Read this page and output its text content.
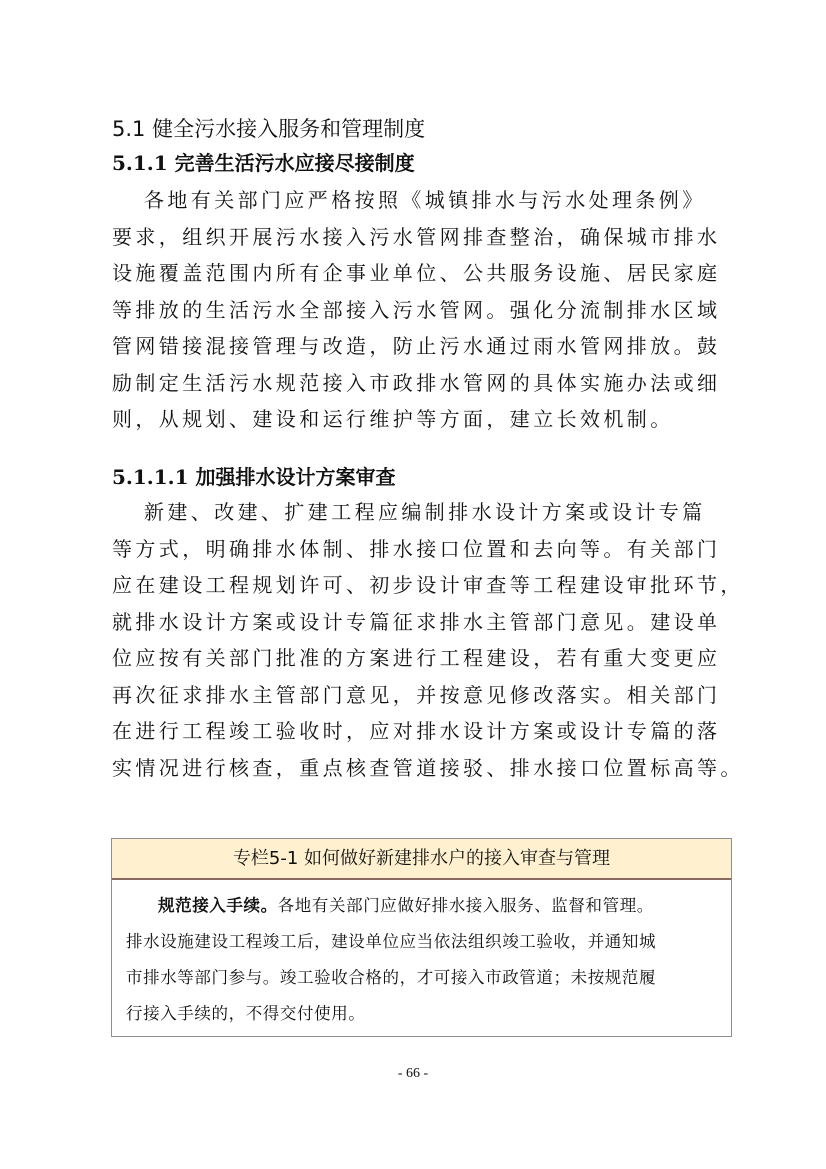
5.1 健全污水接入服务和管理制度
5.1.1 完善生活污水应接尽接制度
各地有关部门应严格按照《城镇排水与污水处理条例》
要求，组织开展污水接入污水管网排查整治，确保城市排水
设施覆盖范围内所有企事业单位、公共服务设施、居民家庭
等排放的生活污水全部接入污水管网。强化分流制排水区域
管网错接混接管理与改造，防止污水通过雨水管网排放。鼓
励制定生活污水规范接入市政排水管网的具体实施办法或细
则，从规划、建设和运行维护等方面，建立长效机制。
5.1.1.1 加强排水设计方案审查
新建、改建、扩建工程应编制排水设计方案或设计专篇
等方式，明确排水体制、排水接口位置和去向等。有关部门
应在建设工程规划许可、初步设计审查等工程建设审批环节，
就排水设计方案或设计专篇征求排水主管部门意见。建设单
位应按有关部门批准的方案进行工程建设，若有重大变更应
再次征求排水主管部门意见，并按意见修改落实。相关部门
在进行工程竣工验收时，应对排水设计方案或设计专篇的落
实情况进行核查，重点核查管道接驳、排水接口位置标高等。
专栏5-1 如何做好新建排水户的接入审查与管理
规范接入手续。各地有关部门应做好排水接入服务、监督和管理。
排水设施建设工程竣工后，建设单位应当依法组织竣工验收，并通知城
市排水等部门参与。竣工验收合格的，才可接入市政管道；未按规范履
行接入手续的，不得交付使用。
- 66 -
